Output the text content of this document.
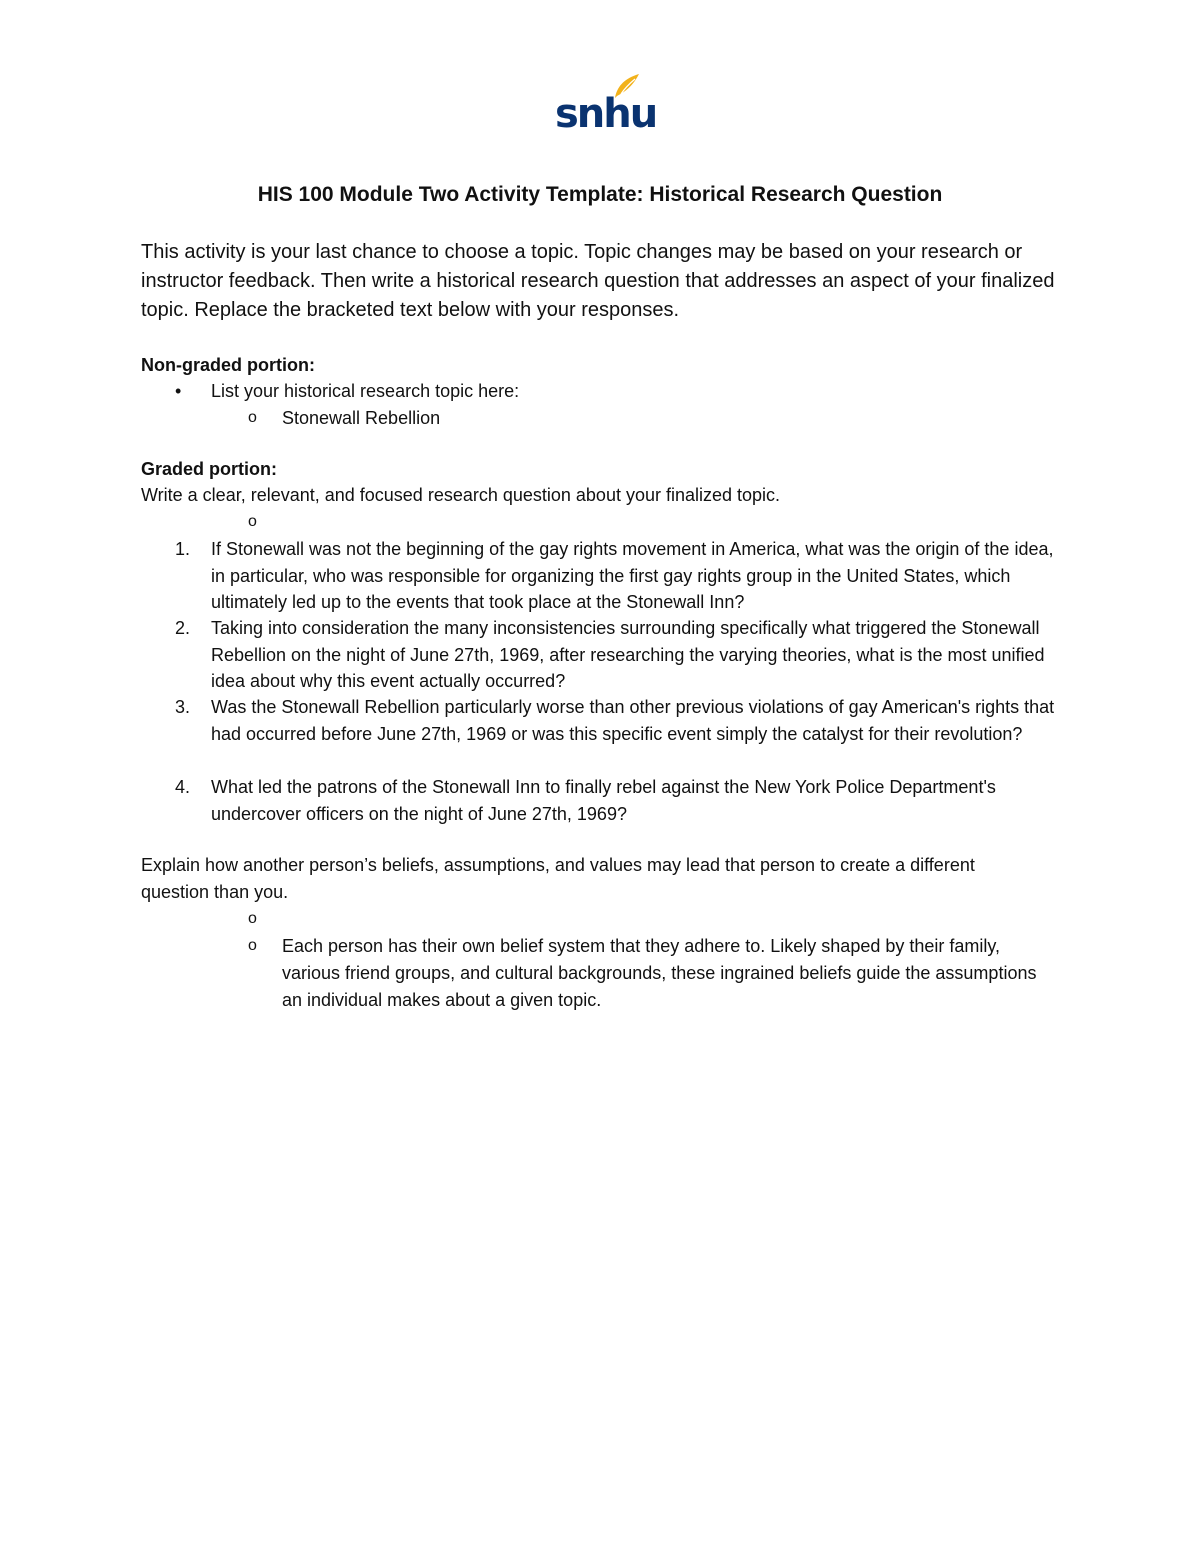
snhu
HIS 100 Module Two Activity Template: Historical Research Question
This activity is your last chance to choose a topic. Topic changes may be based on your research or instructor feedback. Then write a historical research question that addresses an aspect of your finalized topic. Replace the bracketed text below with your responses.
Non-graded portion:
• List your historical research topic here:
o Stonewall Rebellion
Graded portion:
Write a clear, relevant, and focused research question about your finalized topic.
o
1.	If Stonewall was not the beginning of the gay rights movement in America, what was the origin of the idea, in particular, who was responsible for organizing the first gay rights group in the United States, which ultimately led up to the events that took place at the Stonewall Inn?
2.	Taking into consideration the many inconsistencies surrounding specifically what triggered the Stonewall Rebellion on the night of June 27th, 1969, after researching the varying theories, what is the most unified idea about why this event actually occurred?
3.	Was the Stonewall Rebellion particularly worse than other previous violations of gay American's rights that had occurred before June 27th, 1969 or was this specific event simply the catalyst for their revolution?
4.	What led the patrons of the Stonewall Inn to finally rebel against the New York Police Department's undercover officers on the night of June 27th, 1969?
Explain how another person’s beliefs, assumptions, and values may lead that person to create a different question than you.
o
o Each person has their own belief system that they adhere to. Likely shaped by their family, various friend groups, and cultural backgrounds, these ingrained beliefs guide the assumptions an individual makes about a given topic.
